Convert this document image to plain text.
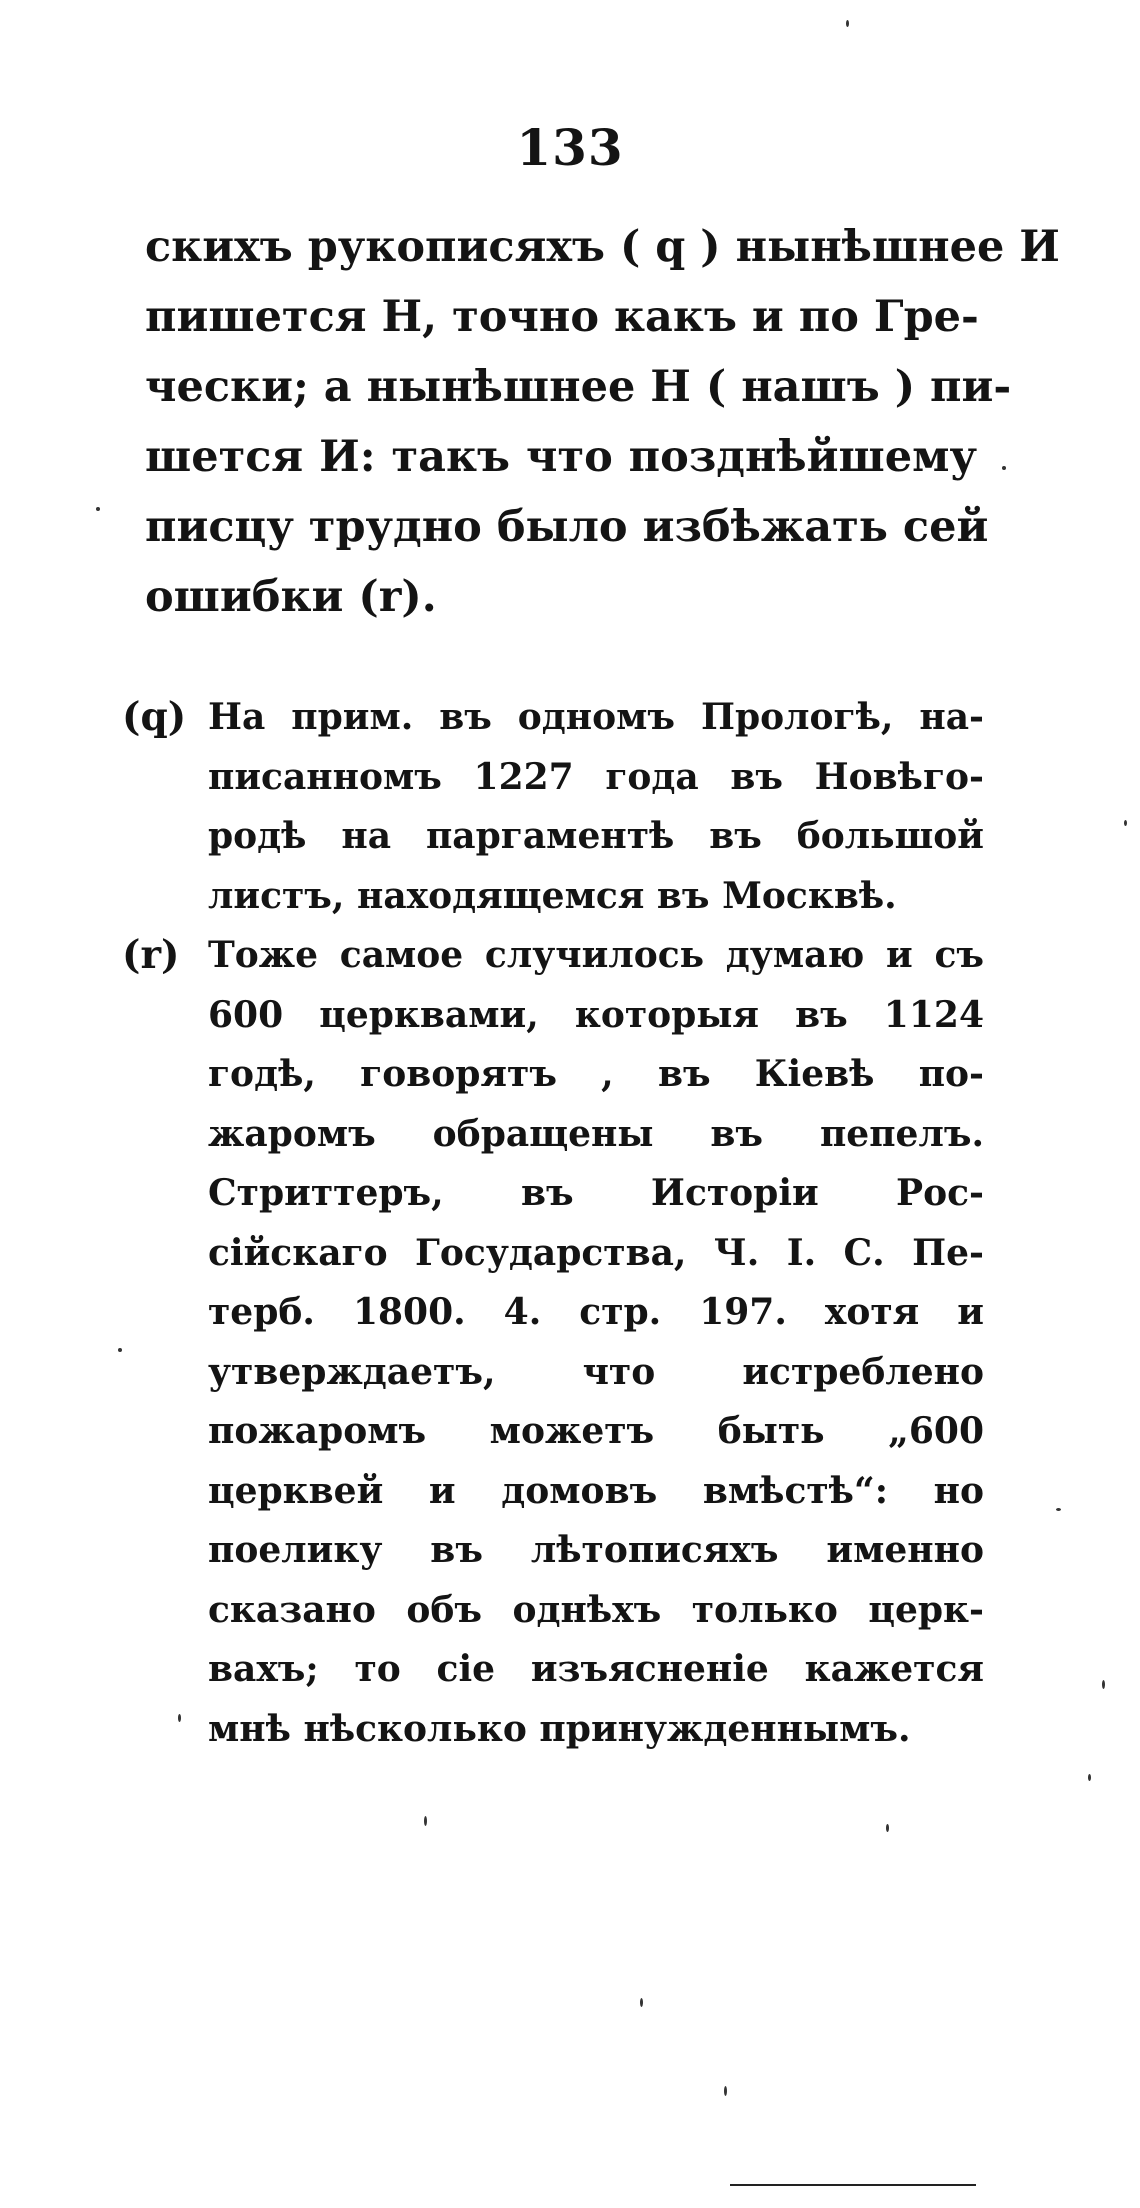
133
скихъ рукописяхъ ( q ) нынѣшнее И
пишется Н, точно какъ и по Гре-
чески; а нынѣшнее Н ( нашъ ) пи-
шется И: такъ что позднѣйшему
писцу трудно было избѣжать сей
ошибки (r).
(q) На прим. въ одномъ Прологѣ, на-
писанномъ 1227 года въ Новѣго-
родѣ на паргаментѣ въ большой
листъ, находящемся въ Москвѣ.
(r) Тоже самое случилось думаю и съ
600 церквами, которыя въ 1124
годѣ, говорятъ , въ Кіевѣ по-
жаромъ обращены въ пепелъ.
Стриттеръ, въ Исторіи Рос-
сійскаго Государства, Ч. I. С. Пе-
терб. 1800. 4. стр. 197. хотя и
утверждаетъ, что истреблено
пожаромъ можетъ быть „600
церквей и домовъ вмѣстѣ“: но
поелику въ лѣтописяхъ именно
сказано объ однѣхъ только церк-
вахъ; то сіе изъясненіе кажется
мнѣ нѣсколько принужденнымъ.
